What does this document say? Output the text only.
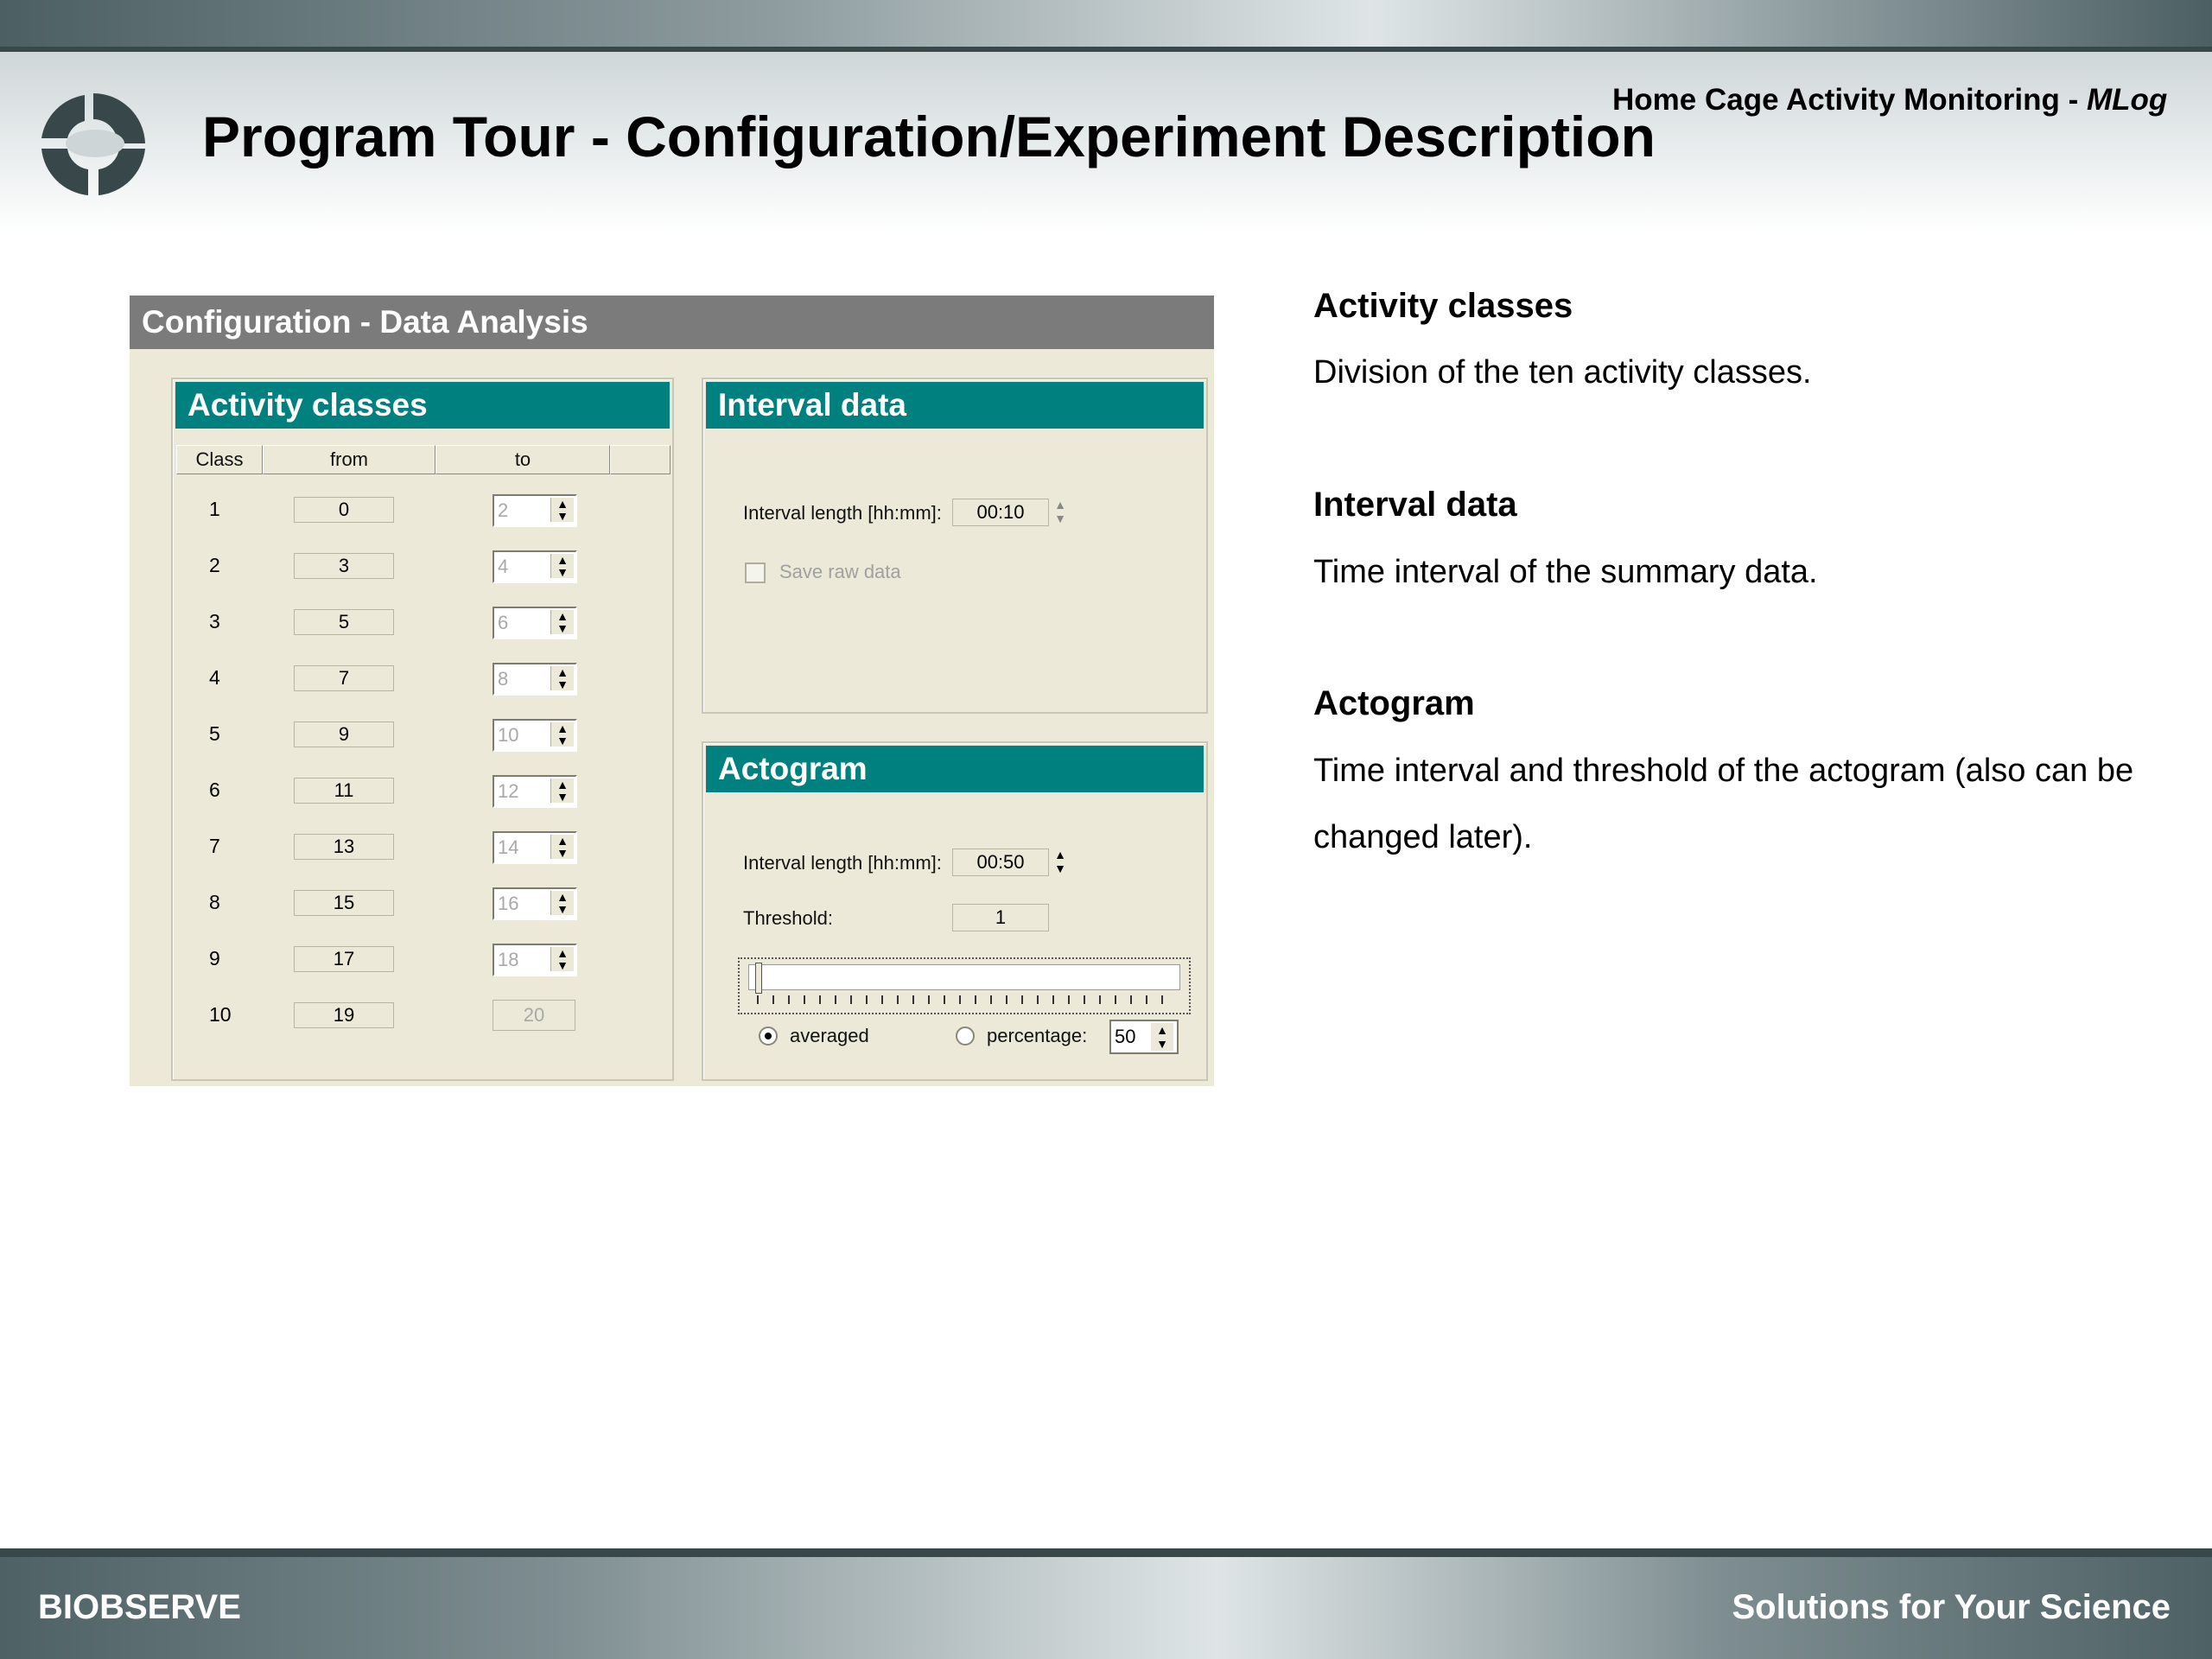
Program Tour - Configuration/Experiment Description
Home Cage Activity Monitoring - MLog
Configuration - Data Analysis
Activity classes
Class	from	to
1	0	2	▲
▼
2	3	4	▲
▼
3	5	6	▲
▼
4	7	8	▲
▼
5	9	10	▲
▼
6	11	12	▲
▼
7	13	14	▲
▼
8	15	16	▲
▼
9	17	18	▲
▼
10	19	20
Interval data
Interval length [hh:mm]:	00:10	▲
▼
Save raw data
Actogram
Interval length [hh:mm]:	00:50	▲
▼
Threshold:	1
averaged	percentage: 50	▲
▼
Activity classes
Division of the ten activity classes.
Interval data
Time interval of the summary data.
Actogram
Time interval and threshold of the actogram (also can be changed later).
BIOBSERVE	Solutions for Your Science
